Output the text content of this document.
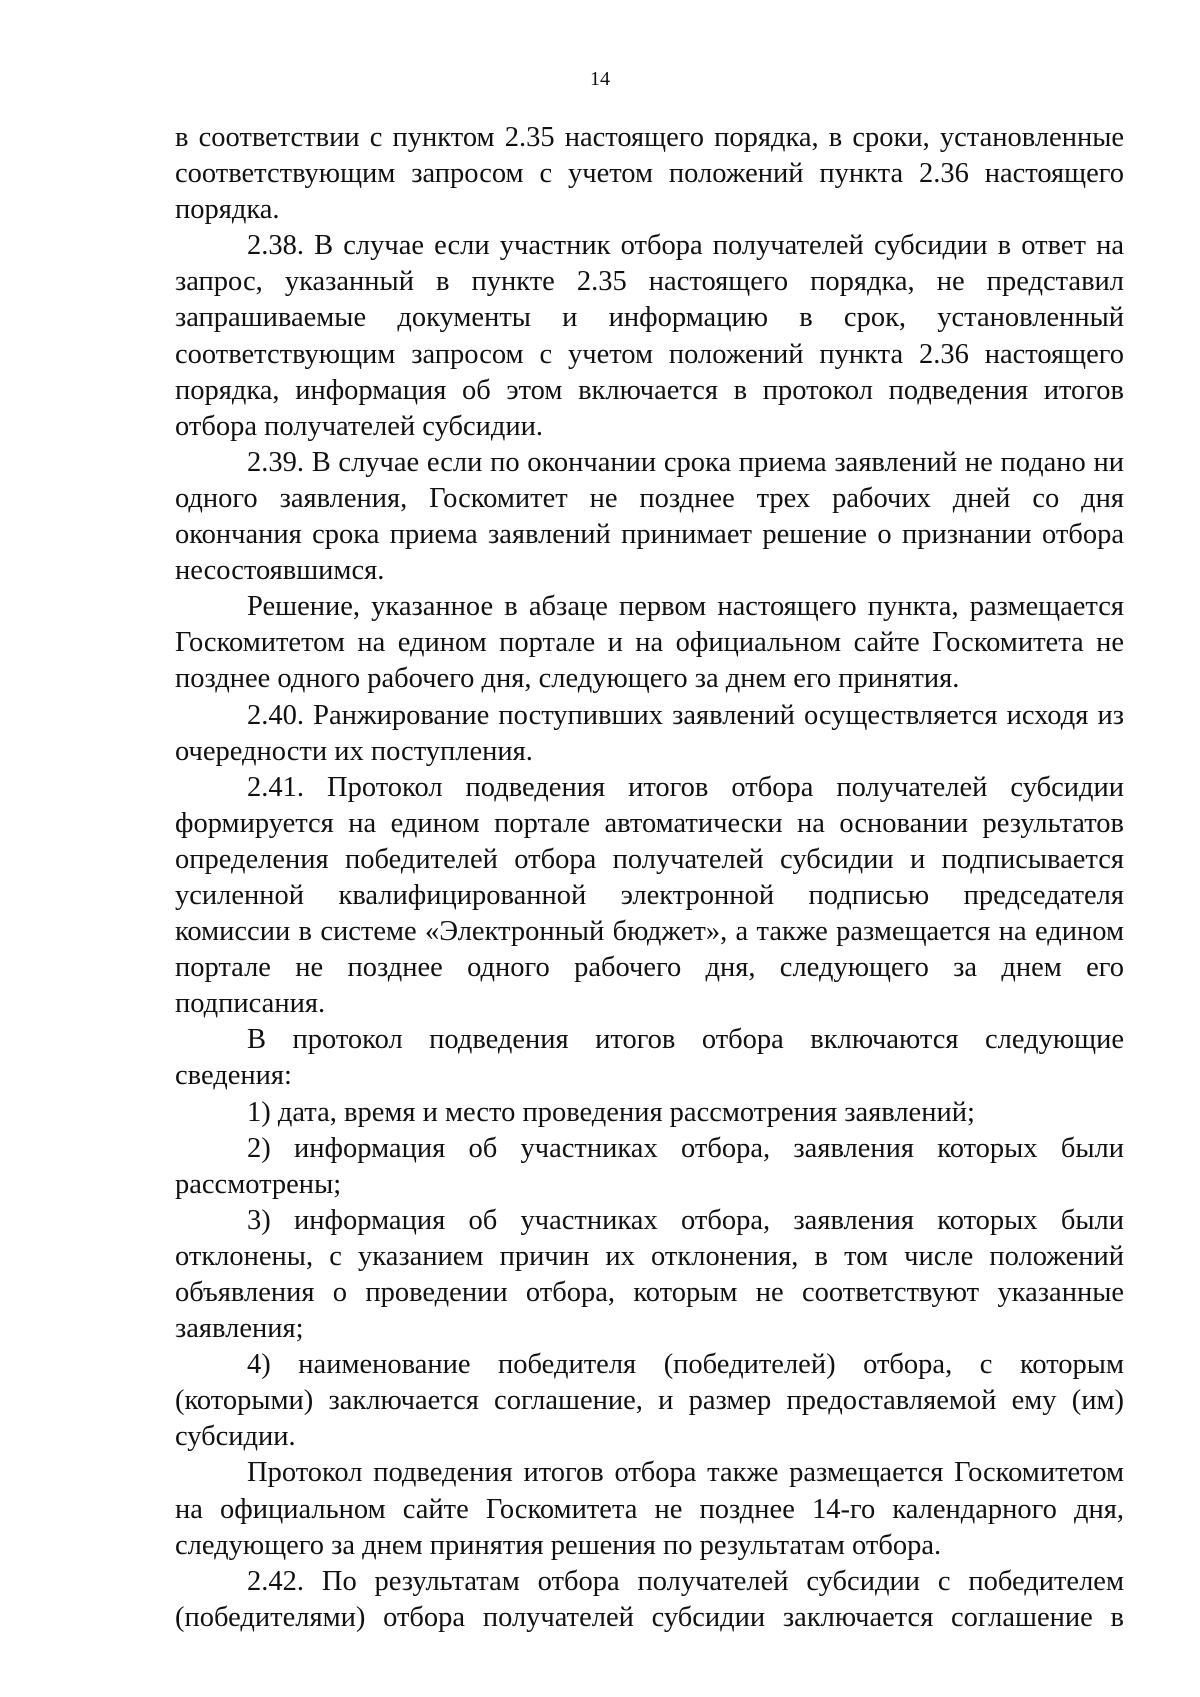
14

в соответствии с пунктом 2.35 настоящего порядка, в сроки, установленные соответствующим запросом с учетом положений пункта 2.36 настоящего порядка.

2.38. В случае если участник отбора получателей субсидии в ответ на запрос, указанный в пункте 2.35 настоящего порядка, не представил запрашиваемые документы и информацию в срок, установленный соответствующим запросом с учетом положений пункта 2.36 настоящего порядка, информация об этом включается в протокол подведения итогов отбора получателей субсидии.

2.39. В случае если по окончании срока приема заявлений не подано ни одного заявления, Госкомитет не позднее трех рабочих дней со дня окончания срока приема заявлений принимает решение о признании отбора несостоявшимся.

Решение, указанное в абзаце первом настоящего пункта, размещается Госкомитетом на едином портале и на официальном сайте Госкомитета не позднее одного рабочего дня, следующего за днем его принятия.

2.40. Ранжирование поступивших заявлений осуществляется исходя из очередности их поступления.

2.41. Протокол подведения итогов отбора получателей субсидии формируется на едином портале автоматически на основании результатов определения победителей отбора получателей субсидии и подписывается усиленной квалифицированной электронной подписью председателя комиссии в системе «Электронный бюджет», а также размещается на едином портале не позднее одного рабочего дня, следующего за днем его подписания.

В протокол подведения итогов отбора включаются следующие сведения:

1) дата, время и место проведения рассмотрения заявлений;

2) информация об участниках отбора, заявления которых были рассмотрены;

3) информация об участниках отбора, заявления которых были отклонены, с указанием причин их отклонения, в том числе положений объявления о проведении отбора, которым не соответствуют указанные заявления;

4) наименование победителя (победителей) отбора, с которым (которыми) заключается соглашение, и размер предоставляемой ему (им) субсидии.

Протокол подведения итогов отбора также размещается Госкомитетом на официальном сайте Госкомитета не позднее 14-го календарного дня, следующего за днем принятия решения по результатам отбора.

2.42. По результатам отбора получателей субсидии с победителем (победителями) отбора получателей субсидии заключается соглашение в
